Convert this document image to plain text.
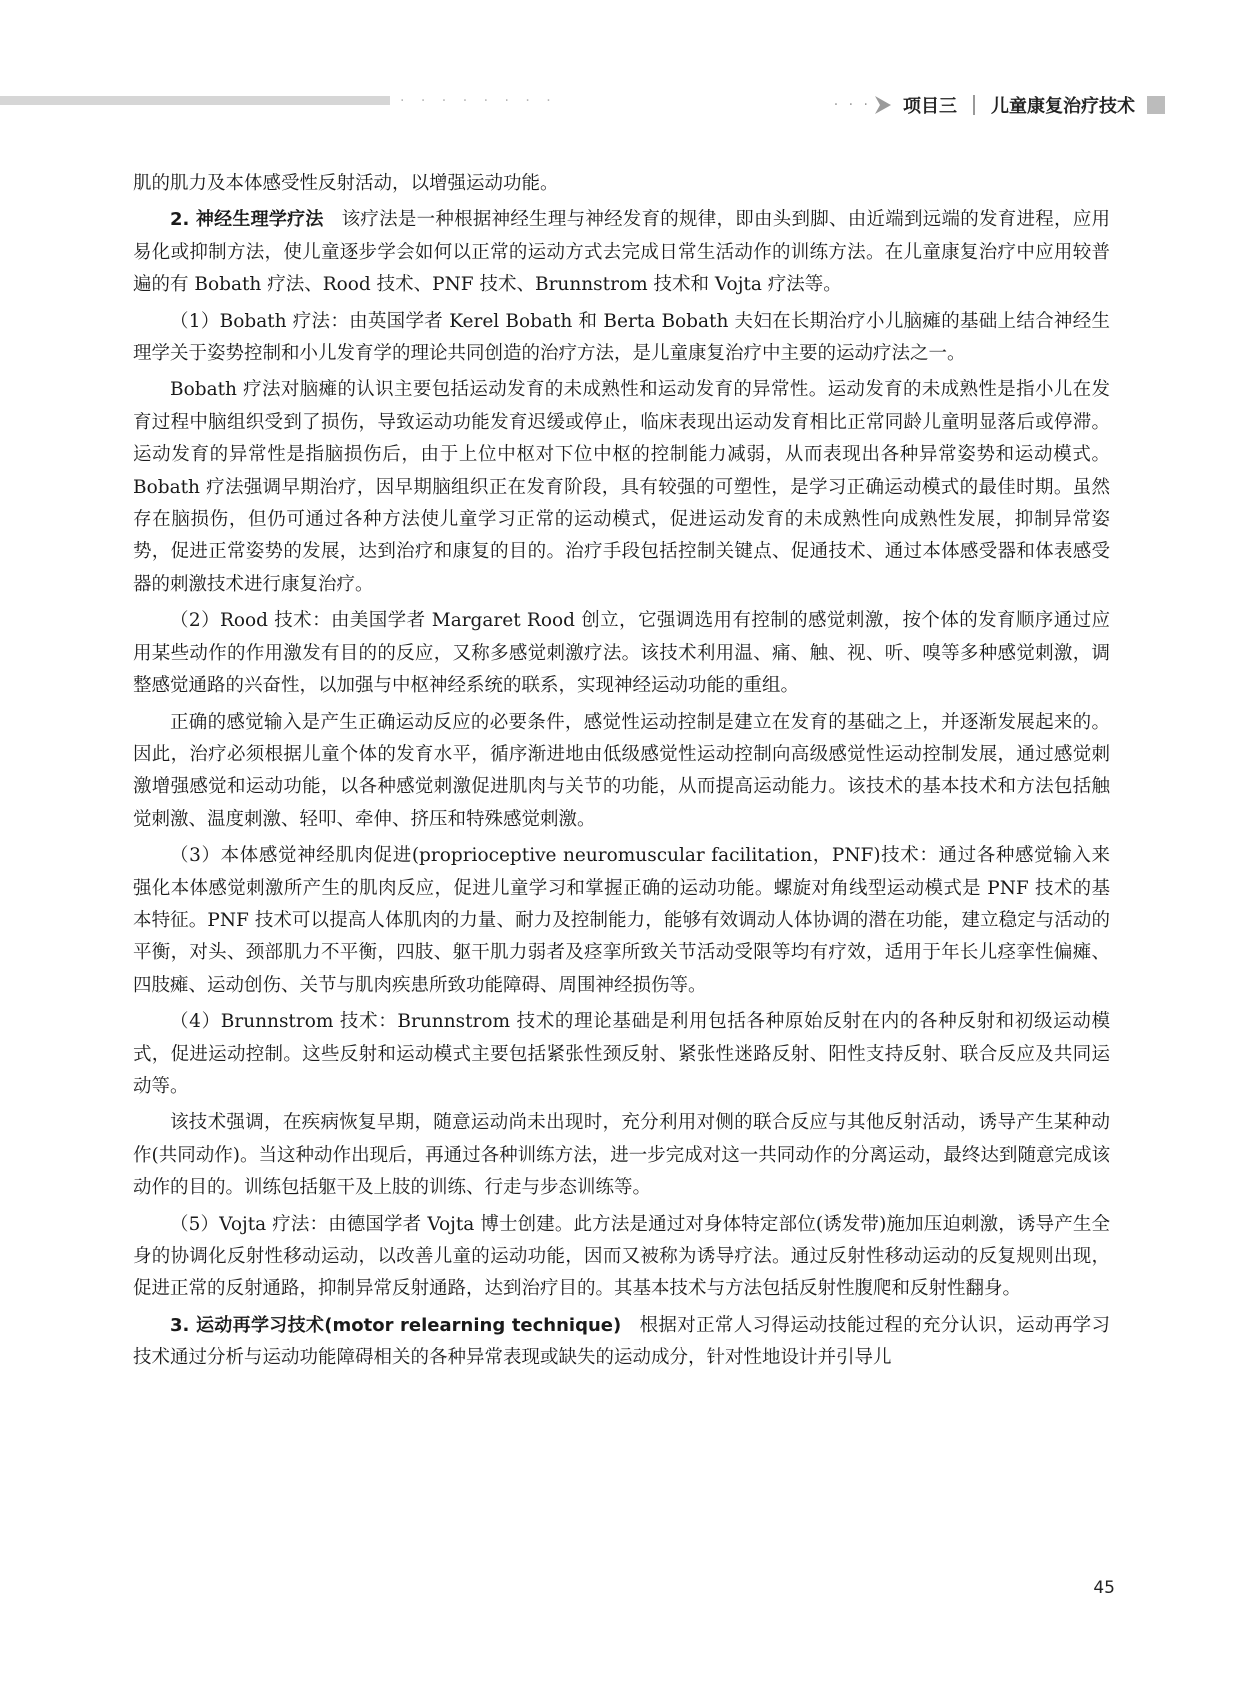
· · · · · · · ·	· · · 项目三 儿童康复治疗技术

肌的肌力及本体感受性反射活动，以增强运动功能。

2. 神经生理学疗法 该疗法是一种根据神经生理与神经发育的规律，即由头到脚、由近端到远端的发育进程，应用易化或抑制方法，使儿童逐步学会如何以正常的运动方式去完成日常生活动作的训练方法。在儿童康复治疗中应用较普遍的有 Bobath 疗法、Rood 技术、PNF 技术、Brunnstrom 技术和 Vojta 疗法等。

（1）Bobath 疗法：由英国学者 Kerel Bobath 和 Berta Bobath 夫妇在长期治疗小儿脑瘫的基础上结合神经生理学关于姿势控制和小儿发育学的理论共同创造的治疗方法，是儿童康复治疗中主要的运动疗法之一。

Bobath 疗法对脑瘫的认识主要包括运动发育的未成熟性和运动发育的异常性。运动发育的未成熟性是指小儿在发育过程中脑组织受到了损伤，导致运动功能发育迟缓或停止，临床表现出运动发育相比正常同龄儿童明显落后或停滞。运动发育的异常性是指脑损伤后，由于上位中枢对下位中枢的控制能力减弱，从而表现出各种异常姿势和运动模式。Bobath 疗法强调早期治疗，因早期脑组织正在发育阶段，具有较强的可塑性，是学习正确运动模式的最佳时期。虽然存在脑损伤，但仍可通过各种方法使儿童学习正常的运动模式，促进运动发育的未成熟性向成熟性发展，抑制异常姿势，促进正常姿势的发展，达到治疗和康复的目的。治疗手段包括控制关键点、促通技术、通过本体感受器和体表感受器的刺激技术进行康复治疗。

（2）Rood 技术：由美国学者 Margaret Rood 创立，它强调选用有控制的感觉刺激，按个体的发育顺序通过应用某些动作的作用激发有目的的反应，又称多感觉刺激疗法。该技术利用温、痛、触、视、听、嗅等多种感觉刺激，调整感觉通路的兴奋性，以加强与中枢神经系统的联系，实现神经运动功能的重组。

正确的感觉输入是产生正确运动反应的必要条件，感觉性运动控制是建立在发育的基础之上，并逐渐发展起来的。因此，治疗必须根据儿童个体的发育水平，循序渐进地由低级感觉性运动控制向高级感觉性运动控制发展，通过感觉刺激增强感觉和运动功能，以各种感觉刺激促进肌肉与关节的功能，从而提高运动能力。该技术的基本技术和方法包括触觉刺激、温度刺激、轻叩、牵伸、挤压和特殊感觉刺激。

（3）本体感觉神经肌肉促进(proprioceptive neuromuscular facilitation，PNF)技术：通过各种感觉输入来强化本体感觉刺激所产生的肌肉反应，促进儿童学习和掌握正确的运动功能。螺旋对角线型运动模式是 PNF 技术的基本特征。PNF 技术可以提高人体肌肉的力量、耐力及控制能力，能够有效调动人体协调的潜在功能，建立稳定与活动的平衡，对头、颈部肌力不平衡，四肢、躯干肌力弱者及痉挛所致关节活动受限等均有疗效，适用于年长儿痉挛性偏瘫、四肢瘫、运动创伤、关节与肌肉疾患所致功能障碍、周围神经损伤等。

（4）Brunnstrom 技术：Brunnstrom 技术的理论基础是利用包括各种原始反射在内的各种反射和初级运动模式，促进运动控制。这些反射和运动模式主要包括紧张性颈反射、紧张性迷路反射、阳性支持反射、联合反应及共同运动等。

该技术强调，在疾病恢复早期，随意运动尚未出现时，充分利用对侧的联合反应与其他反射活动，诱导产生某种动作(共同动作)。当这种动作出现后，再通过各种训练方法，进一步完成对这一共同动作的分离运动，最终达到随意完成该动作的目的。训练包括躯干及上肢的训练、行走与步态训练等。

（5）Vojta 疗法：由德国学者 Vojta 博士创建。此方法是通过对身体特定部位(诱发带)施加压迫刺激，诱导产生全身的协调化反射性移动运动，以改善儿童的运动功能，因而又被称为诱导疗法。通过反射性移动运动的反复规则出现，促进正常的反射通路，抑制异常反射通路，达到治疗目的。其基本技术与方法包括反射性腹爬和反射性翻身。

3. 运动再学习技术(motor relearning technique) 根据对正常人习得运动技能过程的充分认识，运动再学习技术通过分析与运动功能障碍相关的各种异常表现或缺失的运动成分，针对性地设计并引导儿

45
